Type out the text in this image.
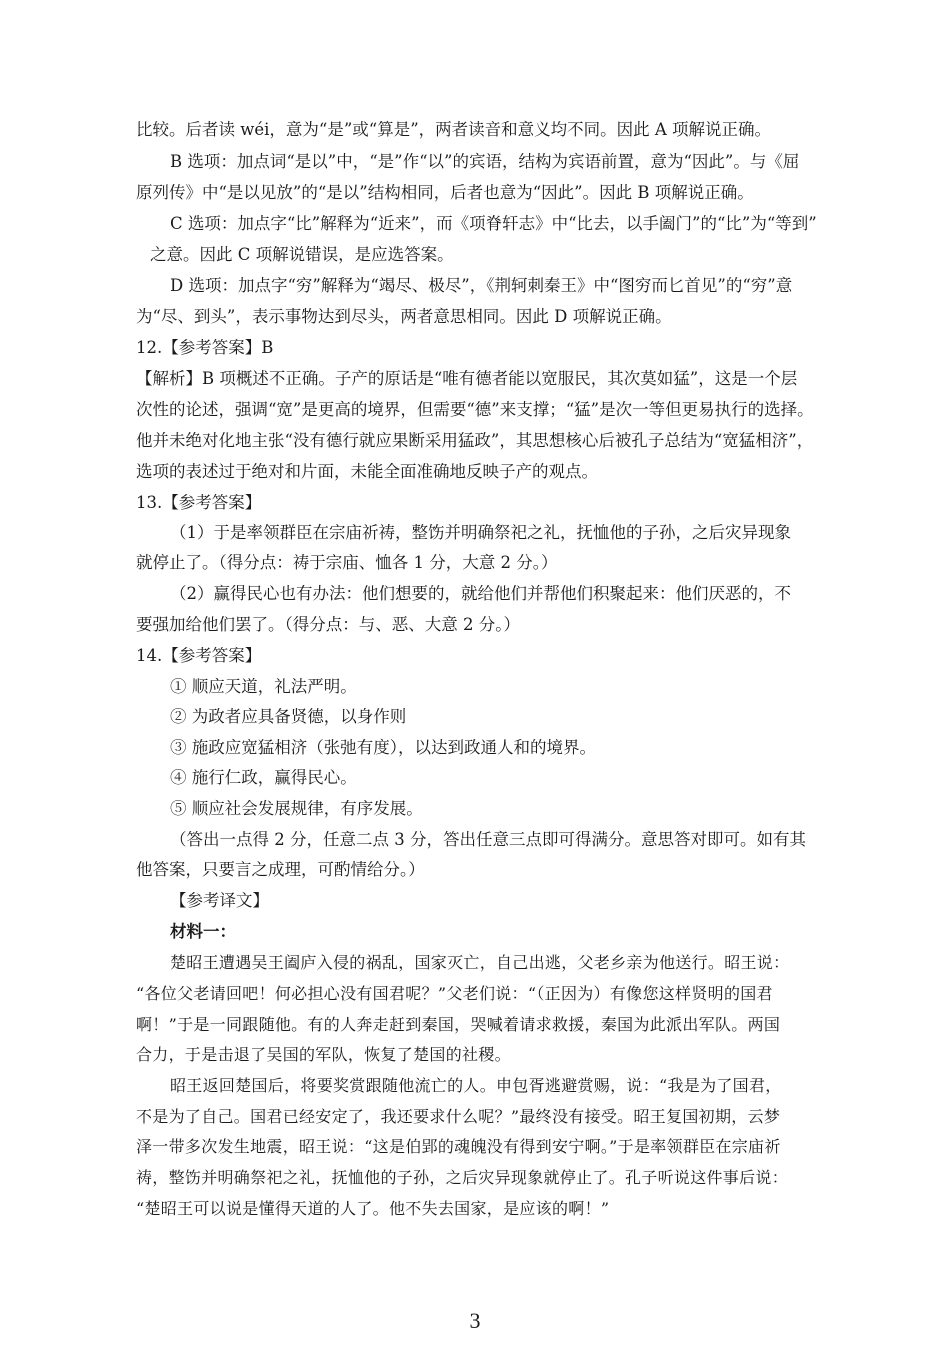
比较。后者读 wéi，意为“是”或“算是”，两者读音和意义均不同。因此 A 项解说正确。
B 选项：加点词“是以”中，“是”作“以”的宾语，结构为宾语前置，意为“因此”。与《屈
原列传》中“是以见放”的“是以”结构相同，后者也意为“因此”。因此 B 项解说正确。
C 选项：加点字“比”解释为“近来”，而《项脊轩志》中“比去，以手阖门”的“比”为“等到”
之意。因此 C 项解说错误，是应选答案。
D 选项：加点字“穷”解释为“竭尽、极尽”，《荆轲刺秦王》中“图穷而匕首见”的“穷”意
为“尽、到头”，表示事物达到尽头，两者意思相同。因此 D 项解说正确。
12.【参考答案】B
【解析】B 项概述不正确。子产的原话是“唯有德者能以宽服民，其次莫如猛”，这是一个层
次性的论述，强调“宽”是更高的境界，但需要“德”来支撑；“猛”是次一等但更易执行的选择。
他并未绝对化地主张“没有德行就应果断采用猛政”，其思想核心后被孔子总结为“宽猛相济”，
选项的表述过于绝对和片面，未能全面准确地反映子产的观点。
13.【参考答案】
（1）于是率领群臣在宗庙祈祷，整饬并明确祭祀之礼，抚恤他的子孙，之后灾异现象
就停止了。（得分点：祷于宗庙、恤各 1 分，大意 2 分。）
（2）赢得民心也有办法：他们想要的，就给他们并帮他们积聚起来：他们厌恶的，不
要强加给他们罢了。（得分点：与、恶、大意 2 分。）
14.【参考答案】
① 顺应天道，礼法严明。
② 为政者应具备贤德，以身作则
③ 施政应宽猛相济（张弛有度），以达到政通人和的境界。
④ 施行仁政，赢得民心。
⑤ 顺应社会发展规律，有序发展。
（答出一点得 2 分，任意二点 3 分，答出任意三点即可得满分。意思答对即可。如有其
他答案，只要言之成理，可酌情给分。）
【参考译文】
材料一：
楚昭王遭遇吴王阖庐入侵的祸乱，国家灭亡，自己出逃，父老乡亲为他送行。昭王说：
“各位父老请回吧！何必担心没有国君呢？”父老们说：“（正因为）有像您这样贤明的国君
啊！”于是一同跟随他。有的人奔走赶到秦国，哭喊着请求救援，秦国为此派出军队。两国
合力，于是击退了吴国的军队，恢复了楚国的社稷。
昭王返回楚国后，将要奖赏跟随他流亡的人。申包胥逃避赏赐，说：“我是为了国君，
不是为了自己。国君已经安定了，我还要求什么呢？”最终没有接受。昭王复国初期，云梦
泽一带多次发生地震，昭王说：“这是伯郢的魂魄没有得到安宁啊。”于是率领群臣在宗庙祈
祷，整饬并明确祭祀之礼，抚恤他的子孙，之后灾异现象就停止了。孔子听说这件事后说：
“楚昭王可以说是懂得天道的人了。他不失去国家，是应该的啊！”
3
